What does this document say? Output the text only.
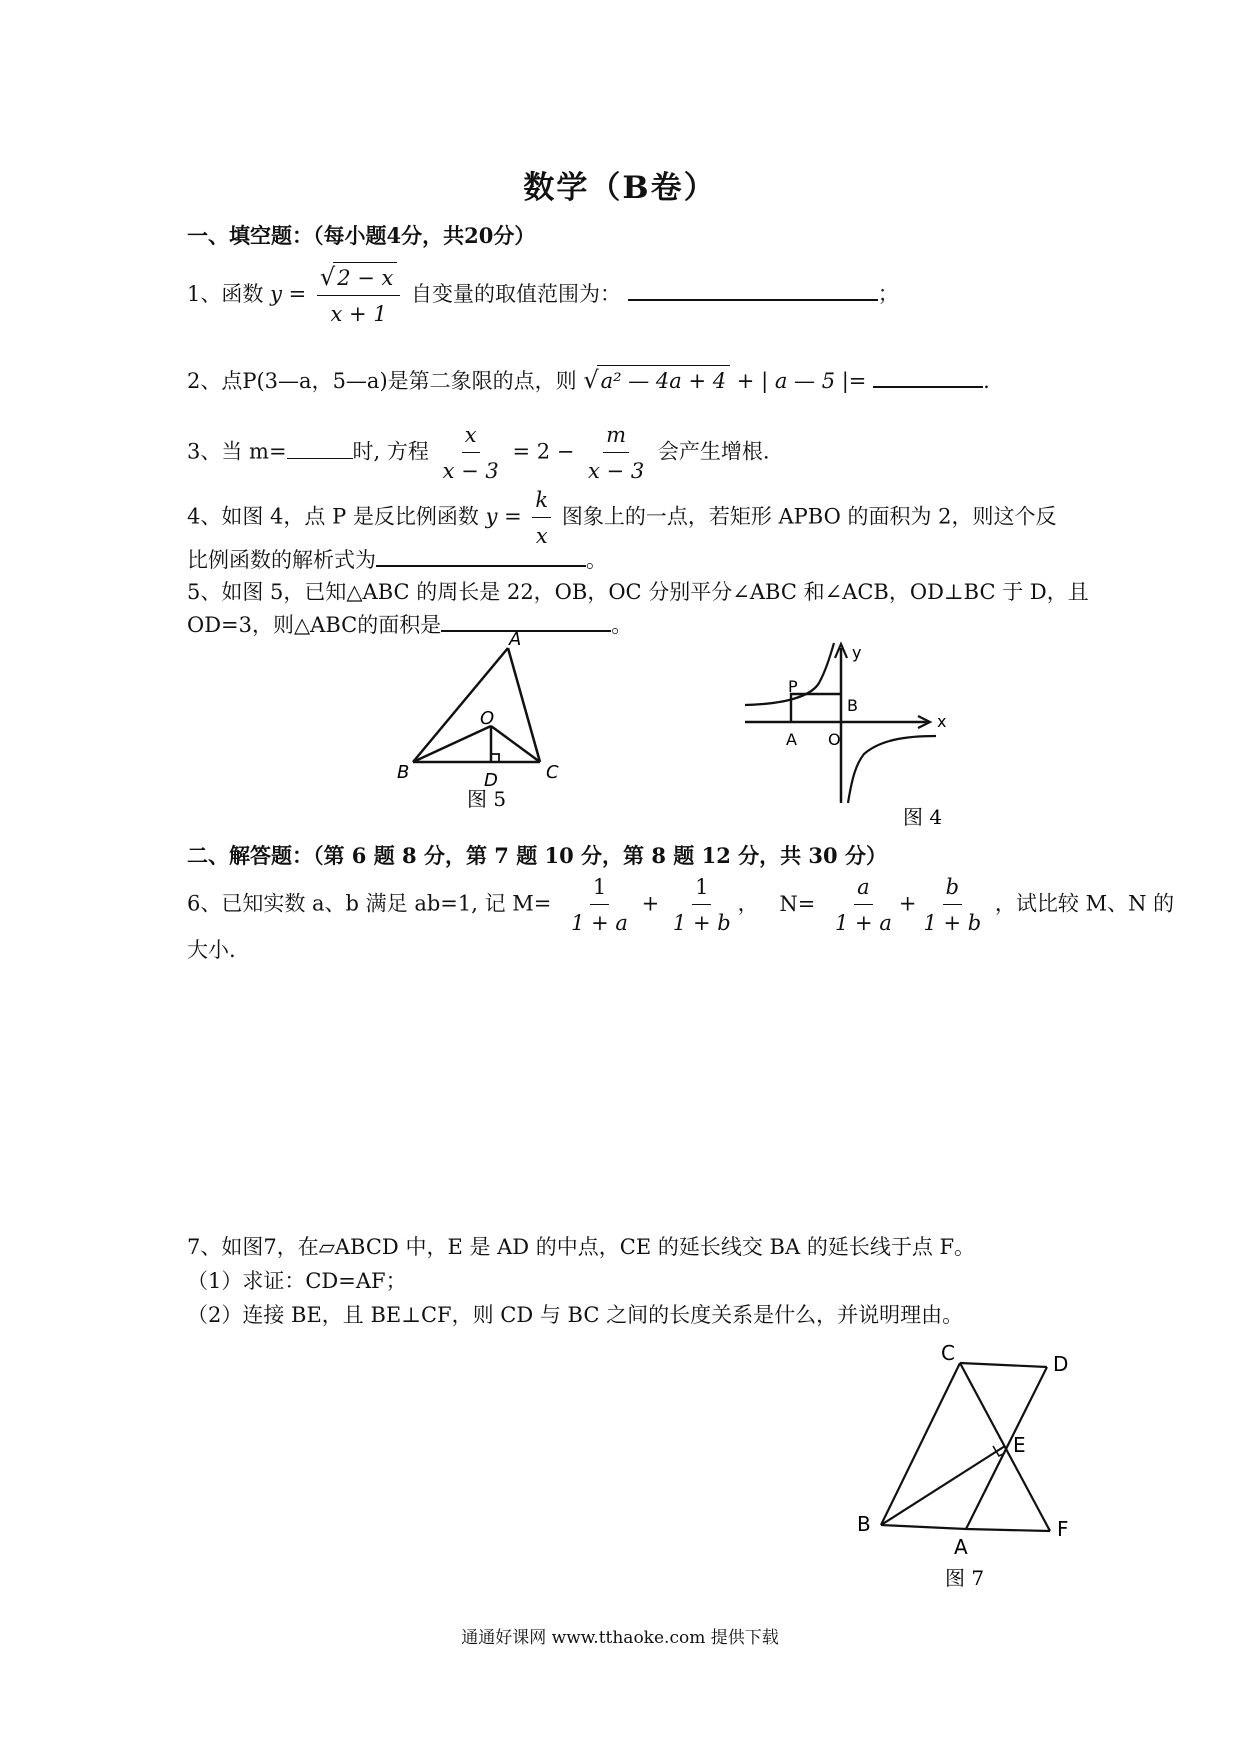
数学（B卷）
一、填空题：（每小题4分，共20分）
1、函数 $y = \frac{√2 - x}{x + 1}$ 自变量的取值范围为：	；
2、点P(3—a，5—a)是第二象限的点，则 √a² — 4a + 4 + | a — 5 |=	.
3、当 m=	时, 方程 $\frac{x}{x - 3} = 2 - \frac{m}{x - 3}$ 会产生增根.
4、如图 4，点 P 是反比例函数 $y = \frac{k}{x}$ 图象上的一点，若矩形 APBO 的面积为 2，则这个反
比例函数的解析式为	。
5、如图 5，已知△ABC 的周长是 22，OB，OC 分别平分∠ABC 和∠ACB，OD⊥BC 于 D，且
OD=3，则△ABC的面积是	。
A
B	C
O
D
图 5
P
B
A O
x
y
图 4
二、解答题：（第 6 题 8 分，第 7 题 10 分，第 8 题 12 分，共 30 分）
6、已知实数 a、b 满足 ab=1, 记 $M= \frac{1}{1 + a} + \frac{1}{1 + b}$ ， $N= \frac{a}{1 + a} + \frac{b}{1 + b}$ ，试比较 M、N 的
大小.
7、如图7，在▱ABCD 中，E 是 AD 的中点，CE 的延长线交 BA 的延长线于点 F。
（1）求证：CD=AF；
（2）连接 BE，且 BE⊥CF，则 CD 与 BC 之间的长度关系是什么，并说明理由。
C	D
E
B
A
F
图 7
通通好课网 www.tthaoke.com 提供下载
